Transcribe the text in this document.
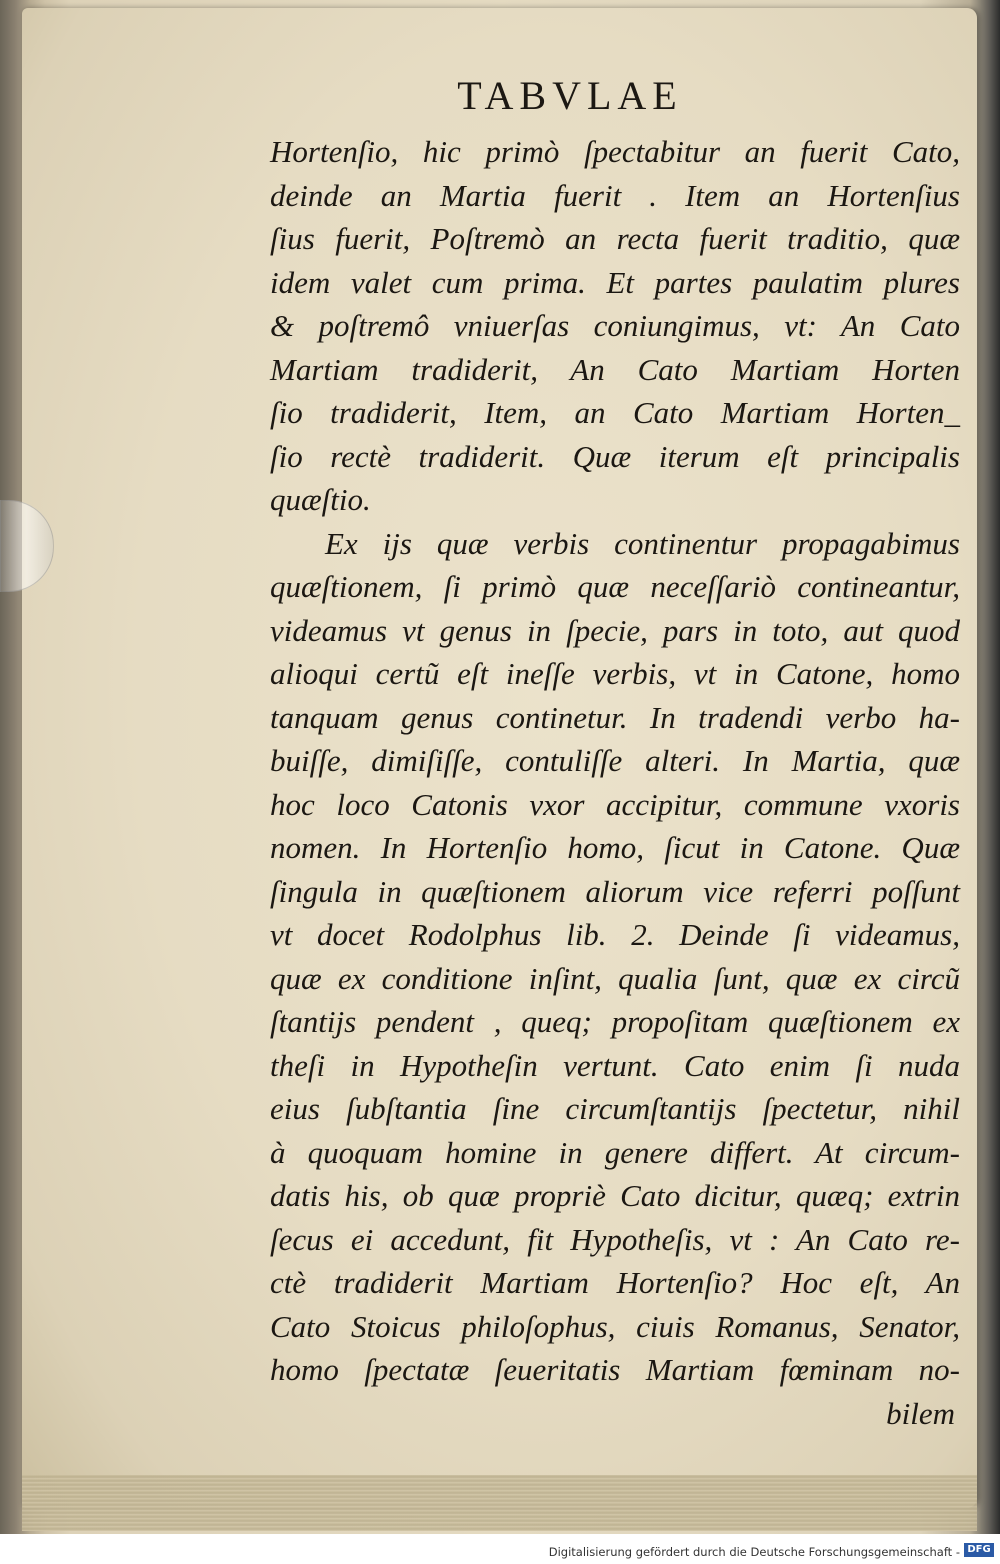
TABVLAE
Hortenſio, hic primò ſpectabitur an fuerit Cato,
deinde an Martia fuerit . Item an Hortenſius
ſius fuerit, Poſtremò an recta fuerit traditio, quæ
idem valet cum prima. Et partes paulatim plures
& poſtremô vniuerſas coniungimus, vt: An Cato
Martiam tradiderit, An Cato Martiam Horten
ſio tradiderit, Item, an Cato Martiam Horten_
ſio rectè tradiderit. Quæ iterum eſt principalis
quæſtio.
Ex ijs quæ verbis continentur propagabimus
quæſtionem, ſi primò quæ neceſſariò contineantur,
videamus vt genus in ſpecie, pars in toto, aut quod
alioqui certũ eſt ineſſe verbis, vt in Catone, homo
tanquam genus continetur. In tradendi verbo ha-
buiſſe, dimiſiſſe, contuliſſe alteri. In Martia, quæ
hoc loco Catonis vxor accipitur, commune vxoris
nomen. In Hortenſio homo, ſicut in Catone. Quæ
ſingula in quæſtionem aliorum vice referri poſſunt
vt docet Rodolphus lib. 2. Deinde ſi videamus,
quæ ex conditione inſint, qualia ſunt, quæ ex circũ
ſtantijs pendent , queq; propoſitam quæſtionem ex
theſi in Hypotheſin vertunt. Cato enim ſi nuda
eius ſubſtantia ſine circumſtantijs ſpectetur, nihil
à quoquam homine in genere differt. At circum-
datis his, ob quæ propriè Cato dicitur, quæq; extrin
ſecus ei accedunt, fit Hypotheſis, vt : An Cato re-
ctè tradiderit Martiam Hortenſio? Hoc eſt, An
Cato Stoicus philoſophus, ciuis Romanus, Senator,
homo ſpectatæ ſeueritatis Martiam fœminam no-
bilem
Digitalisierung gefördert durch die Deutsche Forschungsgemeinschaft - DFG
